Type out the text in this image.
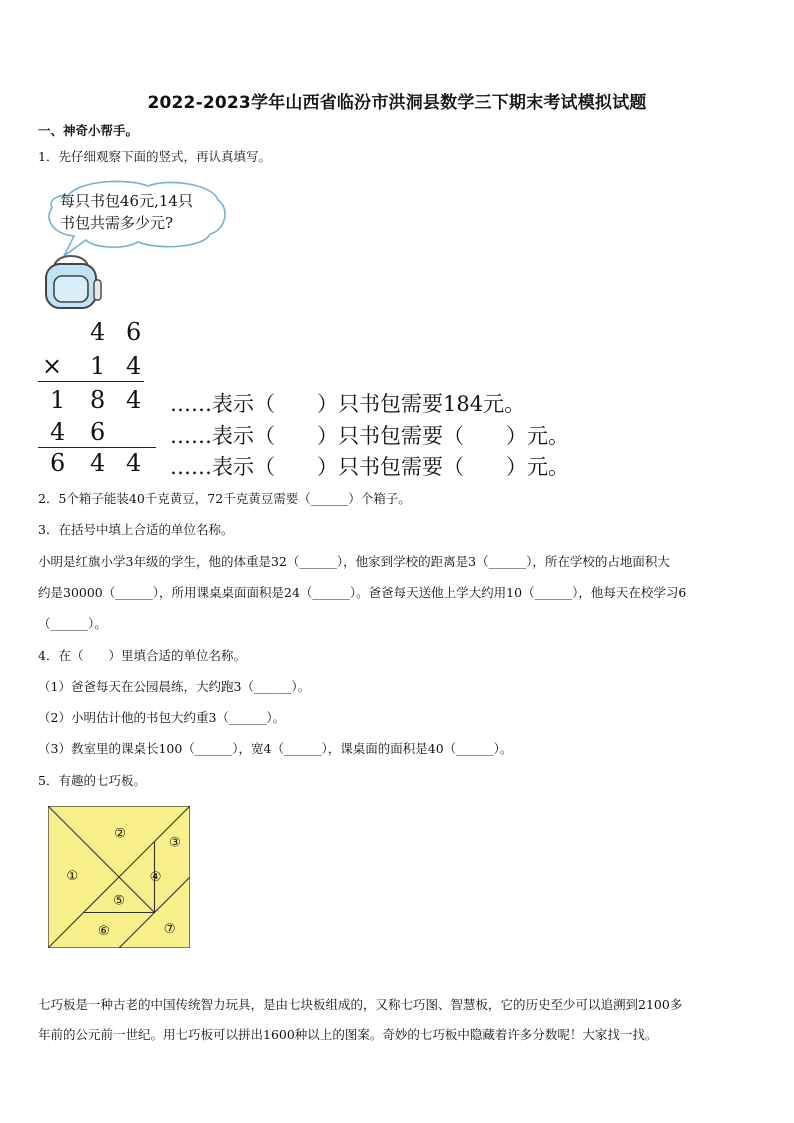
2022-2023学年山西省临汾市洪洞县数学三下期末考试模拟试题
一、神奇小帮手。
1．先仔细观察下面的竖式，再认真填写。
每只书包46元,14只
书包共需多少元?
4 6
× 1 4
1 8 4 ……表示（　　）只书包需要184元。
4 6	……表示（　　）只书包需要（　　）元。
6 4 4 ……表示（　　）只书包需要（　　）元。
2．5个箱子能装40千克黄豆，72千克黄豆需要（______）个箱子。
3．在括号中填上合适的单位名称。
小明是红旗小学3年级的学生，他的体重是32（______），他家到学校的距离是3（______），所在学校的占地面积大
约是30000（______），所用课桌桌面面积是24（______）。爸爸每天送他上学大约用10（______），他每天在校学习6
（______）。
4．在（　　）里填合适的单位名称。
（1）爸爸每天在公园晨练，大约跑3（______）。
（2）小明估计他的书包大约重3（______）。
（3）教室里的课桌长100（______），宽4（______），课桌面的面积是40（______）。
5．有趣的七巧板。
①
②
③
④
⑤
⑥	⑦
七巧板是一种古老的中国传统智力玩具，是由七块板组成的，又称七巧图、智慧板，它的历史至少可以追溯到2100多
年前的公元前一世纪。用七巧板可以拼出1600种以上的图案。奇妙的七巧板中隐藏着许多分数呢！大家找一找。
